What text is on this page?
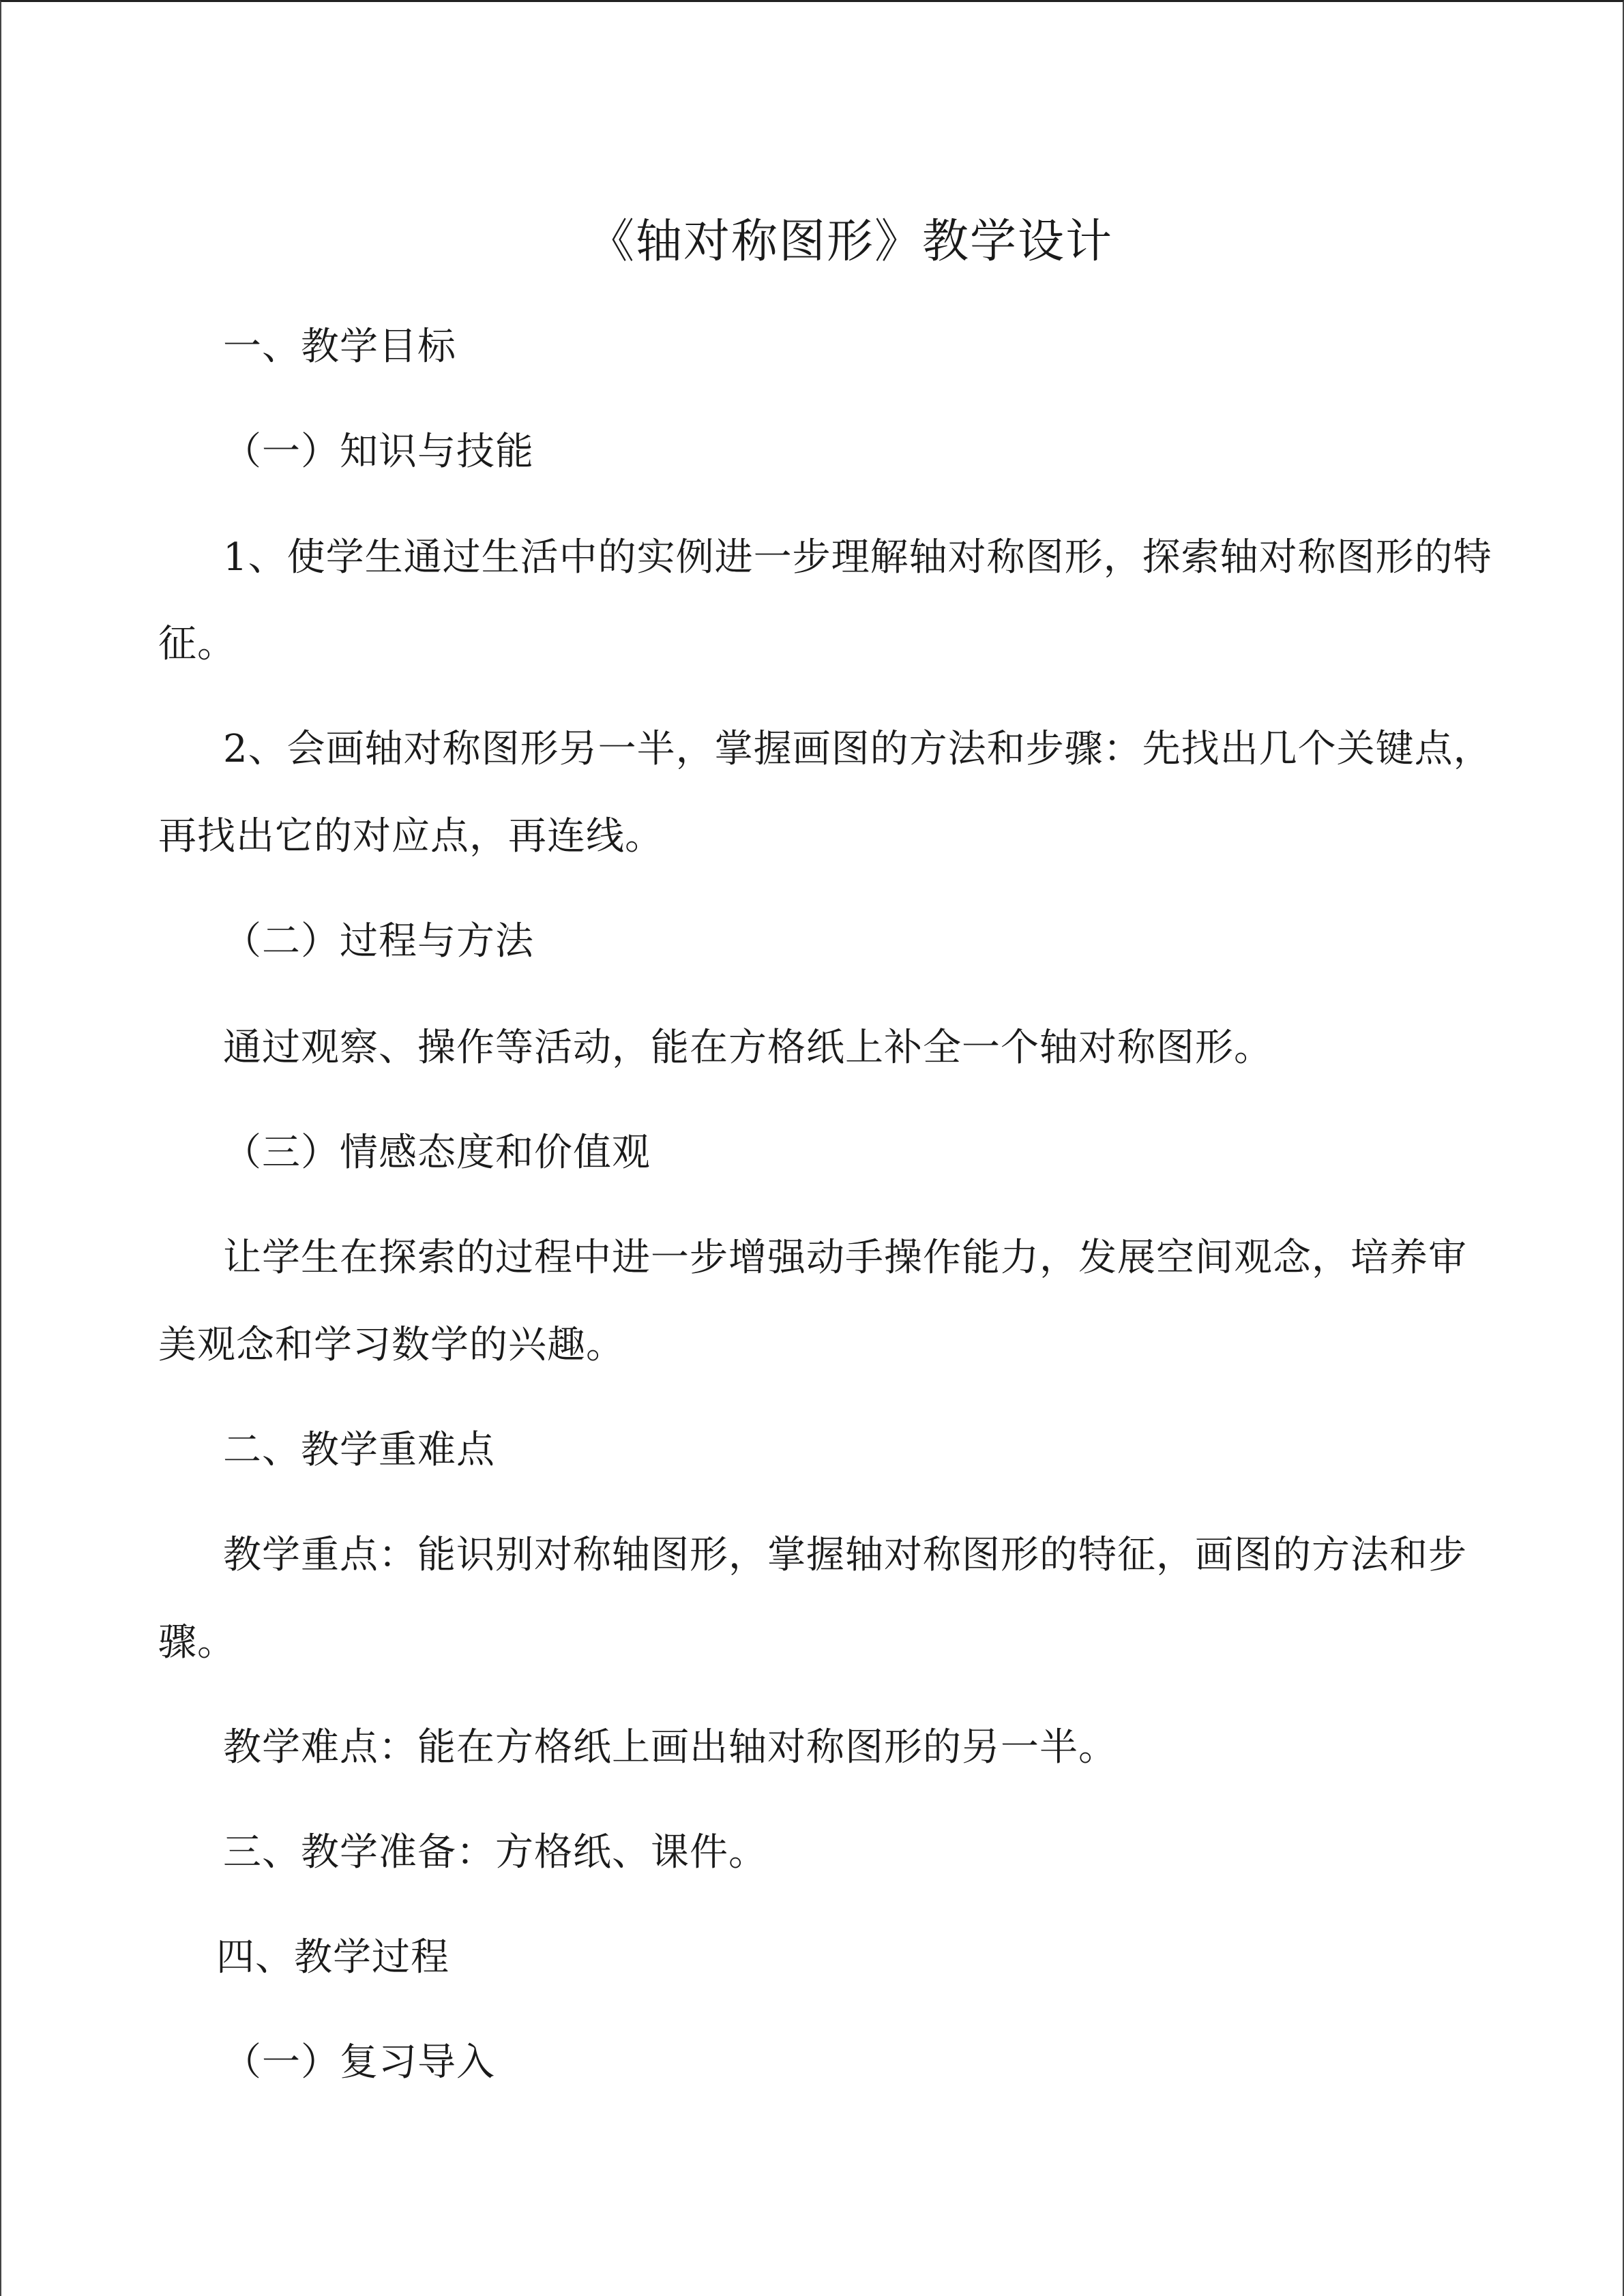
《轴对称图形》教学设计
一、教学目标
（一）知识与技能
1、使学生通过生活中的实例进一步理解轴对称图形，探索轴对称图形的特
征。
2、会画轴对称图形另一半，掌握画图的方法和步骤：先找出几个关键点，
再找出它的对应点，再连线。
（二）过程与方法
通过观察、操作等活动，能在方格纸上补全一个轴对称图形。
（三）情感态度和价值观
让学生在探索的过程中进一步增强动手操作能力，发展空间观念，培养审
美观念和学习数学的兴趣。
二、教学重难点
教学重点：能识别对称轴图形，掌握轴对称图形的特征，画图的方法和步
骤。
教学难点：能在方格纸上画出轴对称图形的另一半。
三、教学准备：方格纸、课件。
四、教学过程
（一）复习导入
